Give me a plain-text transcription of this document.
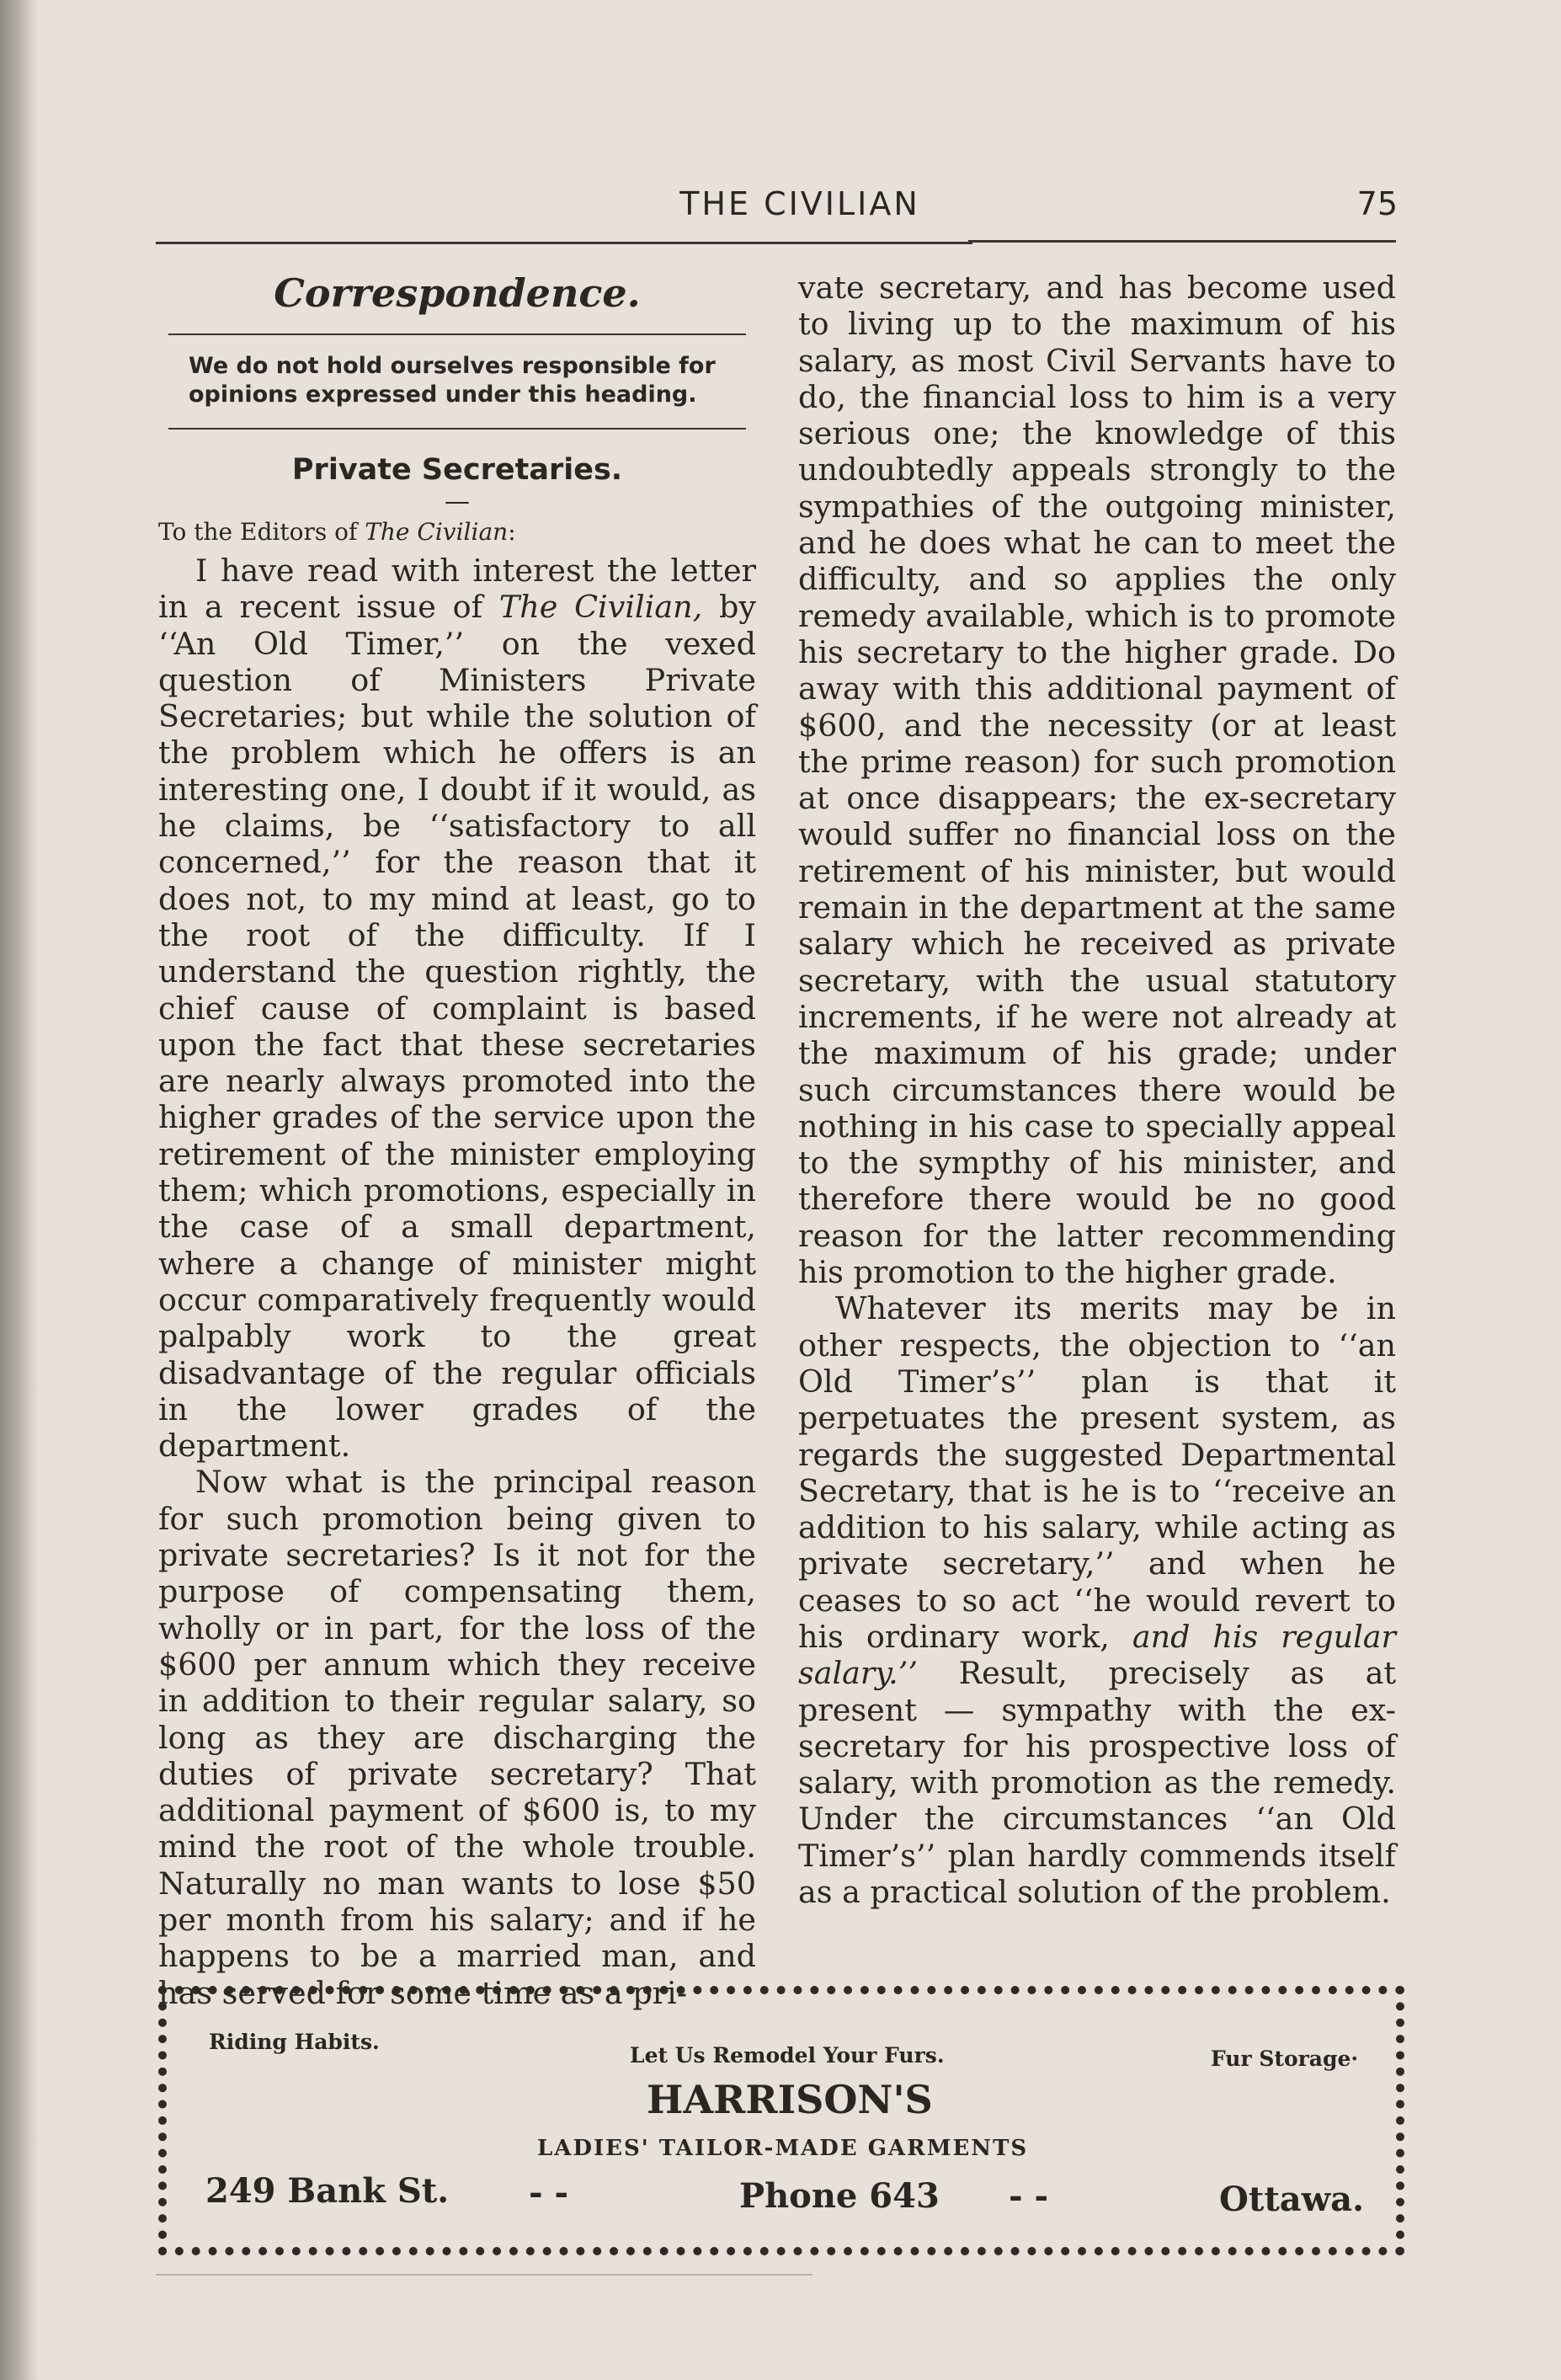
THE CIVILIAN	75
Correspondence.
We do not hold ourselves responsible for opinions expressed under this heading.
Private Secretaries.
—
To the Editors of The Civilian:

I have read with interest the letter in a recent issue of The Civilian, by ‘‘An Old Timer,’’ on the vexed question of Ministers Private Secretaries; but while the solution of the problem which he offers is an interesting one, I doubt if it would, as he claims, be ‘‘satisfactory to all concerned,’’ for the reason that it does not, to my mind at least, go to the root of the difficulty. If I understand the question rightly, the chief cause of complaint is based upon the fact that these secretaries are nearly always promoted into the higher grades of the service upon the retirement of the minister employing them; which promotions, especially in the case of a small department, where a change of minister might occur comparatively frequently would palpably work to the great disadvantage of the regular officials in the lower grades of the department.

Now what is the principal reason for such promotion being given to private secretaries? Is it not for the purpose of compensating them, wholly or in part, for the loss of the $600 per annum which they receive in addition to their regular salary, so long as they are discharging the duties of private secretary? That additional payment of $600 is, to my mind the root of the whole trouble. Naturally no man wants to lose $50 per month from his salary; and if he happens to be a married man, and has served for some time as a pri-

vate secretary, and has become used to living up to the maximum of his salary, as most Civil Servants have to do, the financial loss to him is a very serious one; the knowledge of this undoubtedly appeals strongly to the sympathies of the outgoing minister, and he does what he can to meet the difficulty, and so applies the only remedy available, which is to promote his secretary to the higher grade. Do away with this additional payment of $600, and the necessity (or at least the prime reason) for such promotion at once disappears; the ex-secretary would suffer no financial loss on the retirement of his minister, but would remain in the department at the same salary which he received as private secretary, with the usual statutory increments, if he were not already at the maximum of his grade; under such circumstances there would be nothing in his case to specially appeal to the sympthy of his minister, and therefore there would be no good reason for the latter recommending his promotion to the higher grade.

Whatever its merits may be in other respects, the objection to ‘‘an Old Timer’s’’ plan is that it perpetuates the present system, as regards the suggested Departmental Secretary, that is he is to ‘‘receive an addition to his salary, while acting as private secretary,’’ and when he ceases to so act ‘‘he would revert to his ordinary work, and his regular salary.’’ Result, precisely as at present — sympathy with the ex-secretary for his prospective loss of salary, with promotion as the remedy. Under the circumstances ‘‘an Old Timer’s’’ plan hardly commends itself as a practical solution of the problem.

Riding Habits.
Let Us Remodel Your Furs.	Fur Storage·
HARRISON'S
LADIES' TAILOR-MADE GARMENTS
249 Bank St. - -	Phone 643 - -	Ottawa.
